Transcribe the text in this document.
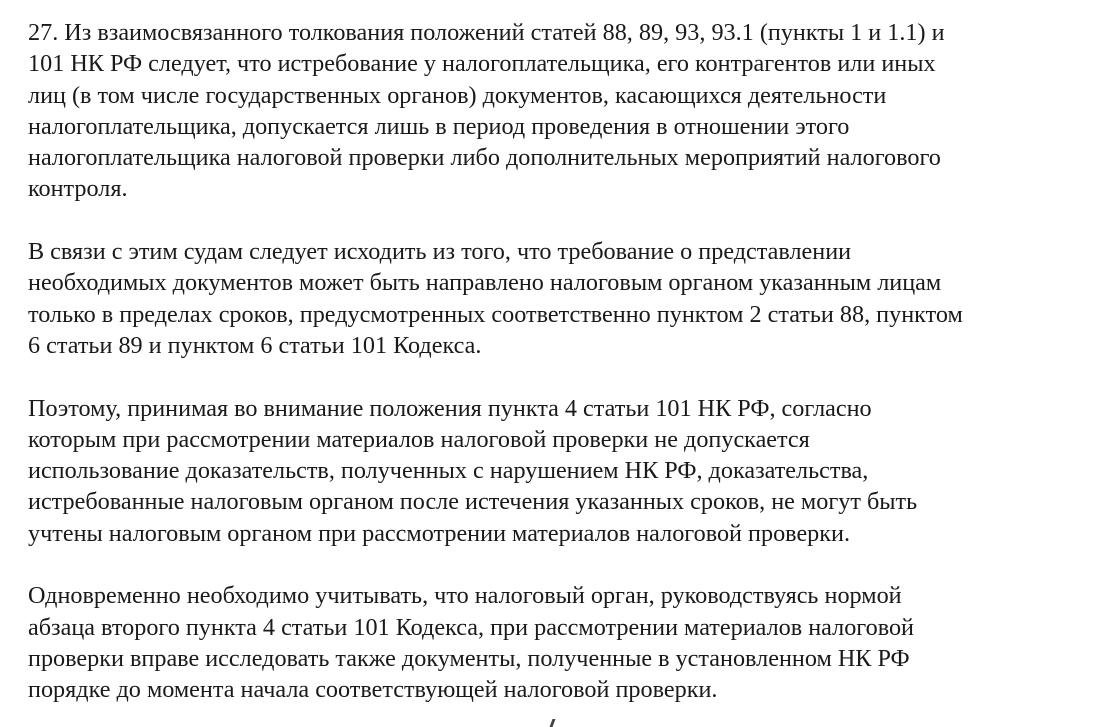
27. Из взаимосвязанного толкования положений статей 88, 89, 93, 93.1 (пункты 1 и 1.1) и
101 НК РФ следует, что истребование у налогоплательщика, его контрагентов или иных
лиц (в том числе государственных органов) документов, касающихся деятельности
налогоплательщика, допускается лишь в период проведения в отношении этого
налогоплательщика налоговой проверки либо дополнительных мероприятий налогового
контроля.
В связи с этим судам следует исходить из того, что требование о представлении
необходимых документов может быть направлено налоговым органом указанным лицам
только в пределах сроков, предусмотренных соответственно пунктом 2 статьи 88, пунктом
6 статьи 89 и пунктом 6 статьи 101 Кодекса.
Поэтому, принимая во внимание положения пункта 4 статьи 101 НК РФ, согласно
которым при рассмотрении материалов налоговой проверки не допускается
использование доказательств, полученных с нарушением НК РФ, доказательства,
истребованные налоговым органом после истечения указанных сроков, не могут быть
учтены налоговым органом при рассмотрении материалов налоговой проверки.
Одновременно необходимо учитывать, что налоговый орган, руководствуясь нормой
абзаца второго пункта 4 статьи 101 Кодекса, при рассмотрении материалов налоговой
проверки вправе исследовать также документы, полученные в установленном НК РФ
порядке до момента начала соответствующей налоговой проверки.
